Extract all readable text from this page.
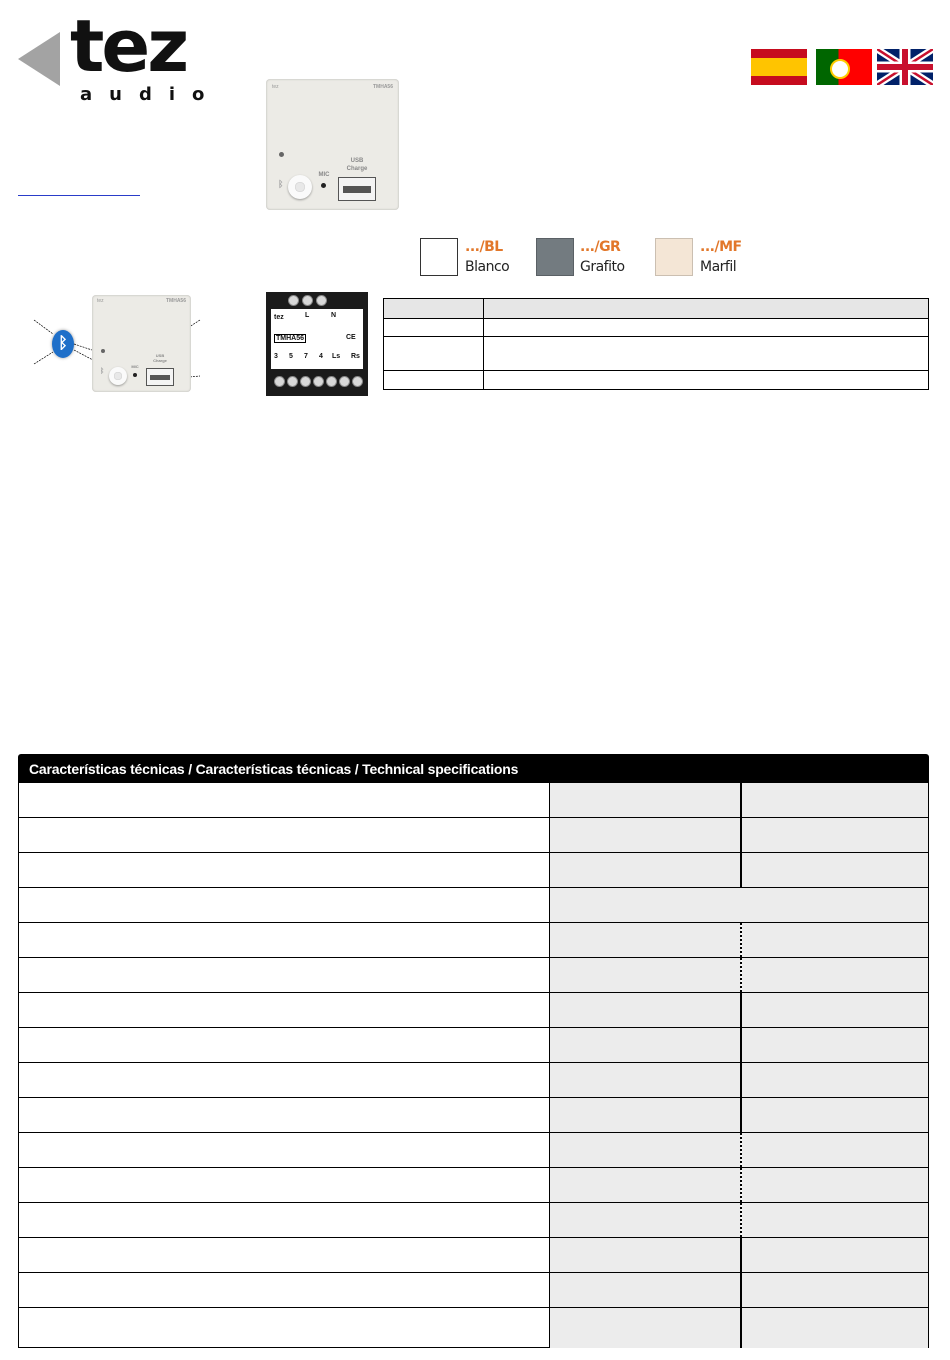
tez
audio	tez	TMHA56
ᛒ
MIC
USB
Charge
.../BL
Blanco
.../GR
Grafito
.../MF
Marfil
ᛒ
tez	TMHA56
ᛒ
MIC
USB
Charge
tez	L	N
TMHA56	CE
3 5 7 4 Ls Rs
Características técnicas / Características técnicas / Technical specifications
